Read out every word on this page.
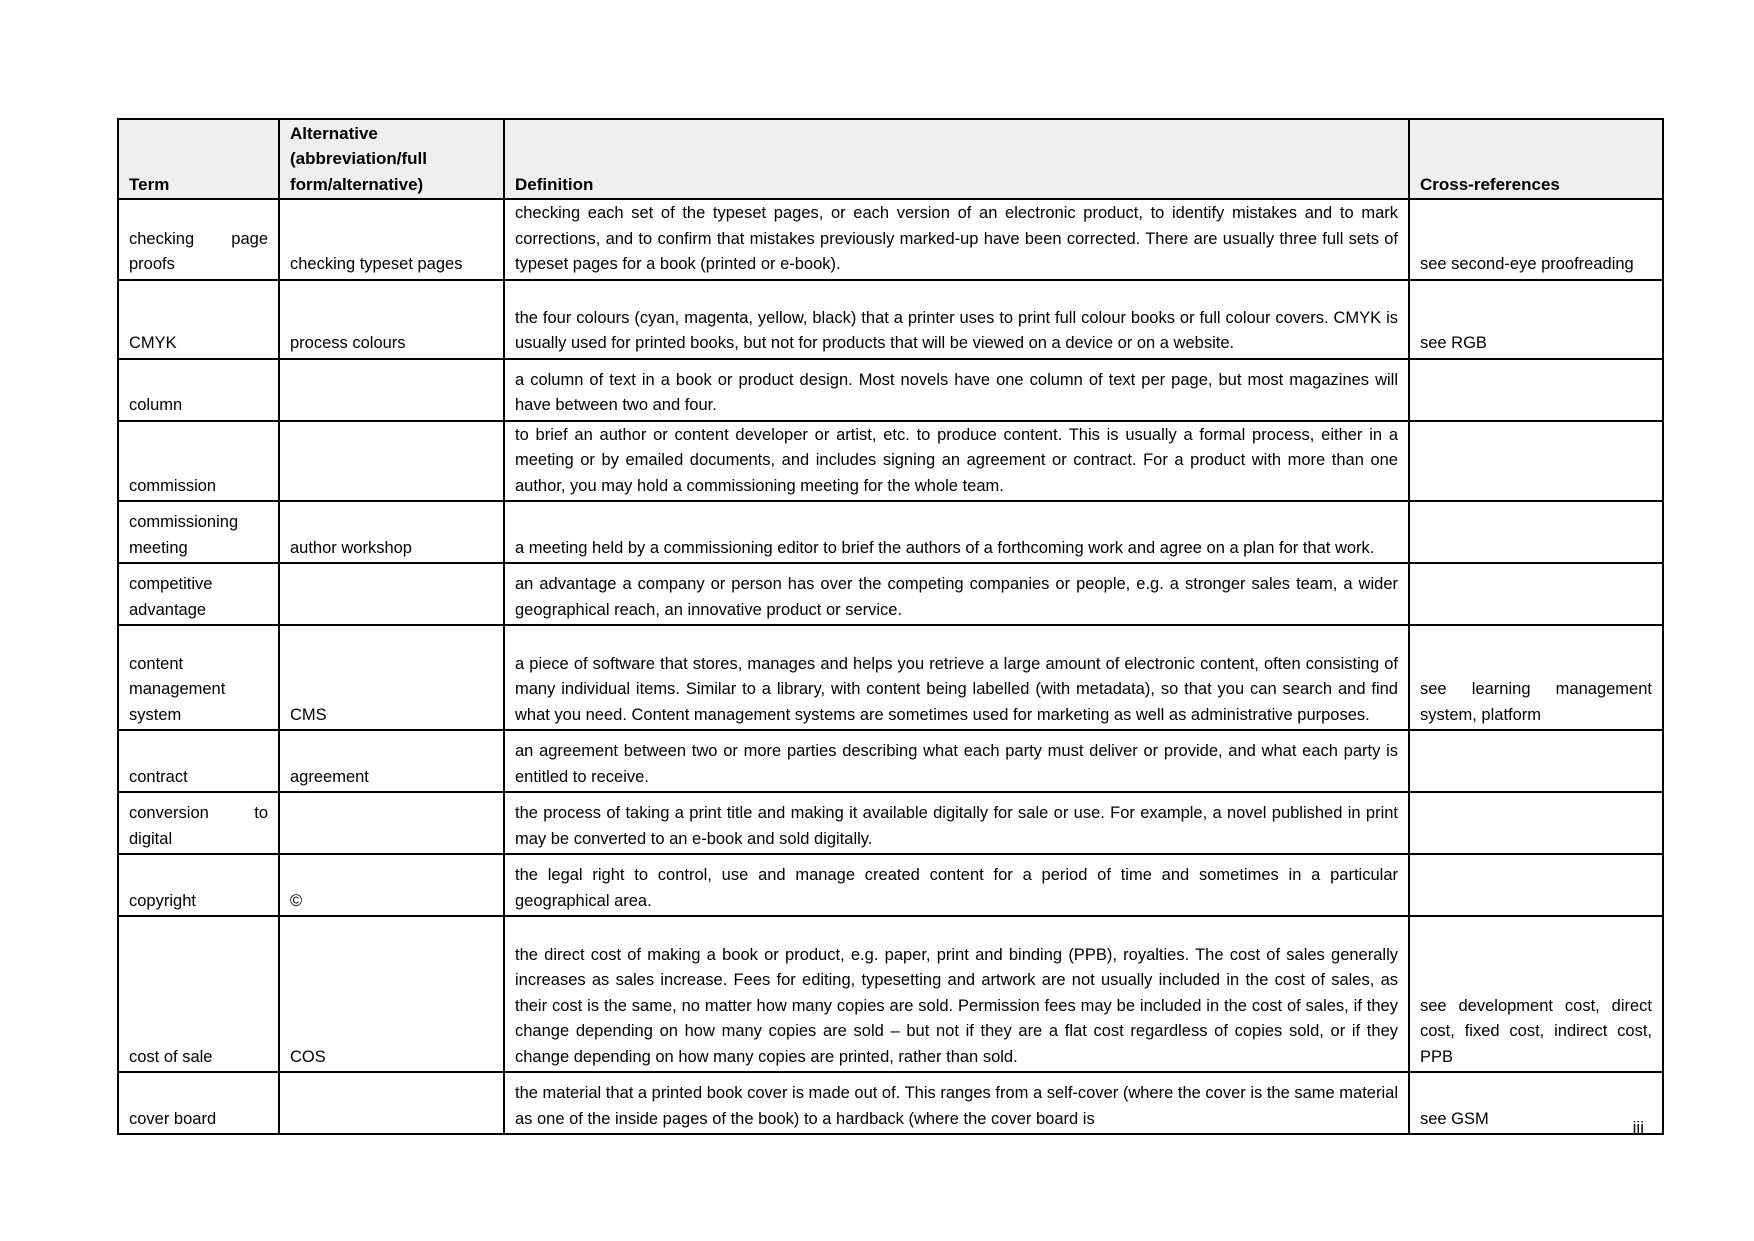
Term	Alternative (abbreviation/full form/alternative)	Definition	Cross-references
checking page proofs	checking typeset pages	checking each set of the typeset pages, or each version of an electronic product, to identify mistakes and to mark corrections, and to confirm that mistakes previously marked-up have been corrected. There are usually three full sets of typeset pages for a book (printed or e-book).	see second-eye proofreading
CMYK	process colours	the four colours (cyan, magenta, yellow, black) that a printer uses to print full colour books or full colour covers. CMYK is usually used for printed books, but not for products that will be viewed on a device or on a website.	see RGB
column		a column of text in a book or product design. Most novels have one column of text per page, but most magazines will have between two and four.	
commission		to brief an author or content developer or artist, etc. to produce content. This is usually a formal process, either in a meeting or by emailed documents, and includes signing an agreement or contract. For a product with more than one author, you may hold a commissioning meeting for the whole team.	
commissioning meeting	author workshop	a meeting held by a commissioning editor to brief the authors of a forthcoming work and agree on a plan for that work.	
competitive advantage		an advantage a company or person has over the competing companies or people, e.g. a stronger sales team, a wider geographical reach, an innovative product or service.	
content management system	CMS	a piece of software that stores, manages and helps you retrieve a large amount of electronic content, often consisting of many individual items. Similar to a library, with content being labelled (with metadata), so that you can search and find what you need. Content management systems are sometimes used for marketing as well as administrative purposes.	see learning management system, platform
contract	agreement	an agreement between two or more parties describing what each party must deliver or provide, and what each party is entitled to receive.	
conversion to digital		the process of taking a print title and making it available digitally for sale or use. For example, a novel published in print may be converted to an e-book and sold digitally.	
copyright	©	the legal right to control, use and manage created content for a period of time and sometimes in a particular geographical area.	
cost of sale	COS	the direct cost of making a book or product, e.g. paper, print and binding (PPB), royalties. The cost of sales generally increases as sales increase. Fees for editing, typesetting and artwork are not usually included in the cost of sales, as their cost is the same, no matter how many copies are sold. Permission fees may be included in the cost of sales, if they change depending on how many copies are sold – but not if they are a flat cost regardless of copies sold, or if they change depending on how many copies are printed, rather than sold.	see development cost, direct cost, fixed cost, indirect cost, PPB
cover board		the material that a printed book cover is made out of. This ranges from a self-cover (where the cover is the same material as one of the inside pages of the book) to a hardback (where the cover board is	see GSM	iii
